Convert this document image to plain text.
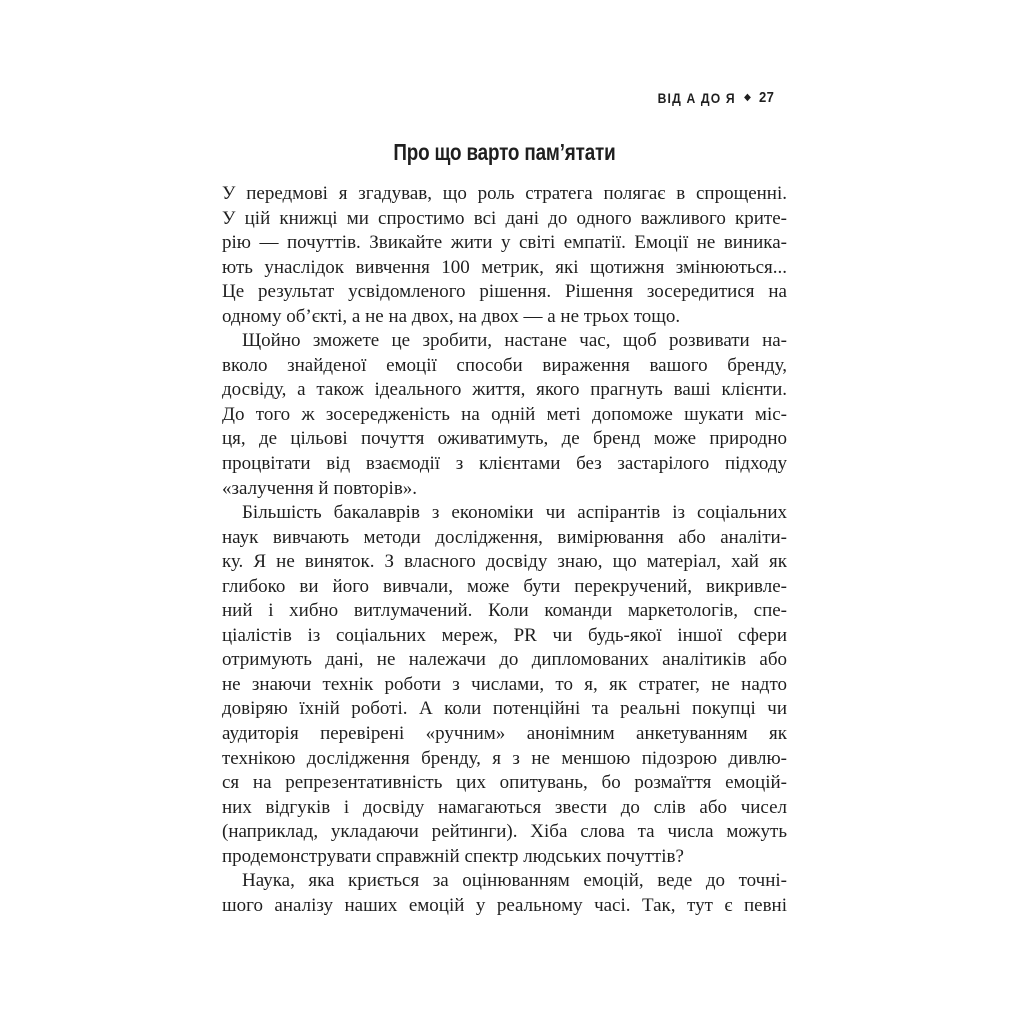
ВІД А ДО Я ◆ 27
Про що варто пам’ятати
У передмові я згадував, що роль стратега полягає в спрощенні.
У цій книжці ми спростимо всі дані до одного важливого крите-
рію — почуттів. Звикайте жити у світі емпатії. Емоції не виника-
ють унаслідок вивчення 100 метрик, які щотижня змінюються...
Це результат усвідомленого рішення. Рішення зосередитися на
одному об’єкті, а не на двох, на двох — а не трьох тощо.
Щойно зможете це зробити, настане час, щоб розвивати на-
вколо знайденої емоції способи вираження вашого бренду,
досвіду, а також ідеального життя, якого прагнуть ваші клієнти.
До того ж зосередженість на одній меті допоможе шукати міс-
ця, де цільові почуття оживатимуть, де бренд може природно
процвітати від взаємодії з клієнтами без застарілого підходу
«залучення й повторів».
Більшість бакалаврів з економіки чи аспірантів із соціальних
наук вивчають методи дослідження, вимірювання або аналіти-
ку. Я не виняток. З власного досвіду знаю, що матеріал, хай як
глибоко ви його вивчали, може бути перекручений, викривле-
ний і хибно витлумачений. Коли команди маркетологів, спе-
ціалістів із соціальних мереж, PR чи будь-якої іншої сфери
отримують дані, не належачи до дипломованих аналітиків або
не знаючи технік роботи з числами, то я, як стратег, не надто
довіряю їхній роботі. А коли потенційні та реальні покупці чи
аудиторія перевірені «ручним» анонімним анкетуванням як
технікою дослідження бренду, я з не меншою підозрою дивлю-
ся на репрезентативність цих опитувань, бо розмаїття емоцій-
них відгуків і досвіду намагаються звести до слів або чисел
(наприклад, укладаючи рейтинги). Хіба слова та числа можуть
продемонструвати справжній спектр людських почуттів?
Наука, яка криється за оцінюванням емоцій, веде до точні-
шого аналізу наших емоцій у реальному часі. Так, тут є певні
